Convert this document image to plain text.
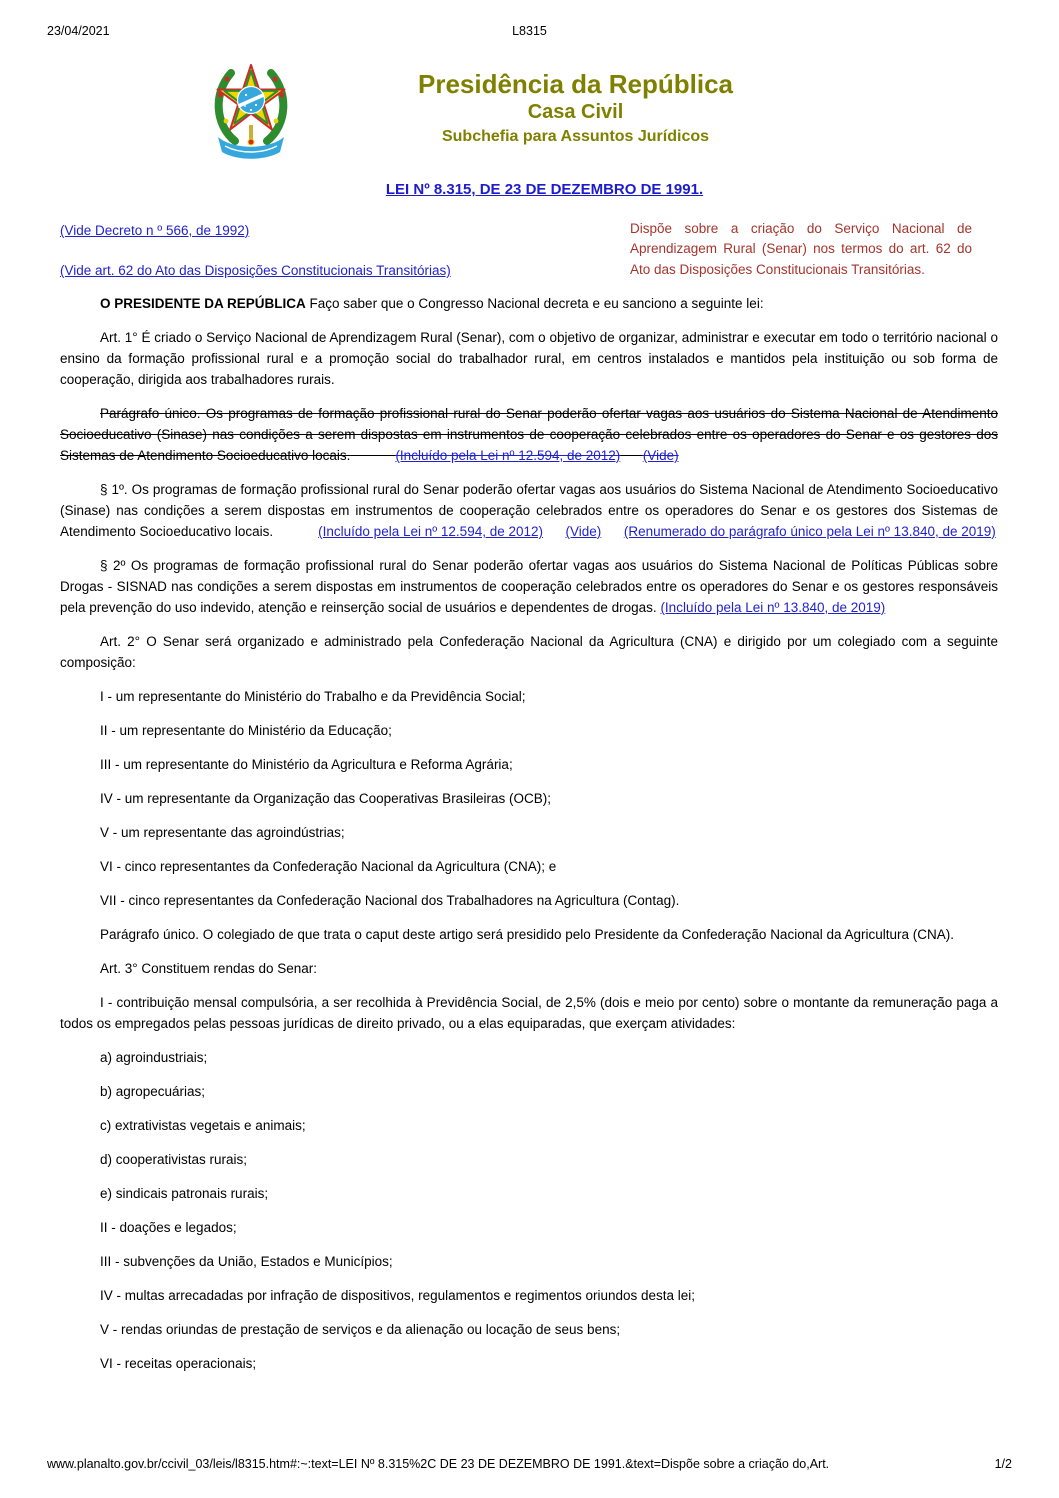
23/04/2021	L8315
Presidência da República
Casa Civil
Subchefia para Assuntos Jurídicos
LEI Nº 8.315, DE 23 DE DEZEMBRO DE 1991.
(Vide Decreto n º 566, de 1992)
(Vide art. 62 do Ato das Disposições Constitucionais Transitórias)
Dispõe sobre a criação do Serviço Nacional de Aprendizagem Rural (Senar) nos termos do art. 62 do Ato das Disposições Constitucionais Transitórias.

O PRESIDENTE DA REPÚBLICA Faço saber que o Congresso Nacional decreta e eu sanciono a seguinte lei:

Art. 1° É criado o Serviço Nacional de Aprendizagem Rural (Senar), com o objetivo de organizar, administrar e executar em todo o território nacional o ensino da formação profissional rural e a promoção social do trabalhador rural, em centros instalados e mantidos pela instituição ou sob forma de cooperação, dirigida aos trabalhadores rurais.

Parágrafo único. Os programas de formação profissional rural do Senar poderão ofertar vagas aos usuários do Sistema Nacional de Atendimento Socioeducativo (Sinase) nas condições a serem dispostas em instrumentos de cooperação celebrados entre os operadores do Senar e os gestores dos Sistemas de Atendimento Socioeducativo locais.	(Incluído pela Lei nº 12.594, de 2012) (Vide)

§ 1º. Os programas de formação profissional rural do Senar poderão ofertar vagas aos usuários do Sistema Nacional de Atendimento Socioeducativo (Sinase) nas condições a serem dispostas em instrumentos de cooperação celebrados entre os operadores do Senar e os gestores dos Sistemas de Atendimento Socioeducativo locais.	(Incluído pela Lei nº 12.594, de 2012) (Vide) (Renumerado do parágrafo único pela Lei nº 13.840, de 2019)

§ 2º Os programas de formação profissional rural do Senar poderão ofertar vagas aos usuários do Sistema Nacional de Políticas Públicas sobre Drogas - SISNAD nas condições a serem dispostas em instrumentos de cooperação celebrados entre os operadores do Senar e os gestores responsáveis pela prevenção do uso indevido, atenção e reinserção social de usuários e dependentes de drogas. (Incluído pela Lei nº 13.840, de 2019)

Art. 2° O Senar será organizado e administrado pela Confederação Nacional da Agricultura (CNA) e dirigido por um colegiado com a seguinte composição:

I - um representante do Ministério do Trabalho e da Previdência Social;

II - um representante do Ministério da Educação;

III - um representante do Ministério da Agricultura e Reforma Agrária;

IV - um representante da Organização das Cooperativas Brasileiras (OCB);

V - um representante das agroindústrias;

VI - cinco representantes da Confederação Nacional da Agricultura (CNA); e

VII - cinco representantes da Confederação Nacional dos Trabalhadores na Agricultura (Contag).

Parágrafo único. O colegiado de que trata o caput deste artigo será presidido pelo Presidente da Confederação Nacional da Agricultura (CNA).

Art. 3° Constituem rendas do Senar:

I - contribuição mensal compulsória, a ser recolhida à Previdência Social, de 2,5% (dois e meio por cento) sobre o montante da remuneração paga a todos os empregados pelas pessoas jurídicas de direito privado, ou a elas equiparadas, que exerçam atividades:

a) agroindustriais;

b) agropecuárias;

c) extrativistas vegetais e animais;

d) cooperativistas rurais;

e) sindicais patronais rurais;

II - doações e legados;

III - subvenções da União, Estados e Municípios;

IV - multas arrecadadas por infração de dispositivos, regulamentos e regimentos oriundos desta lei;

V - rendas oriundas de prestação de serviços e da alienação ou locação de seus bens;

VI - receitas operacionais;

www.planalto.gov.br/ccivil_03/leis/l8315.htm#:~:text=LEI Nº 8.315%2C DE 23 DE DEZEMBRO DE 1991.&text=Dispõe sobre a criação do,Art.	1/2
